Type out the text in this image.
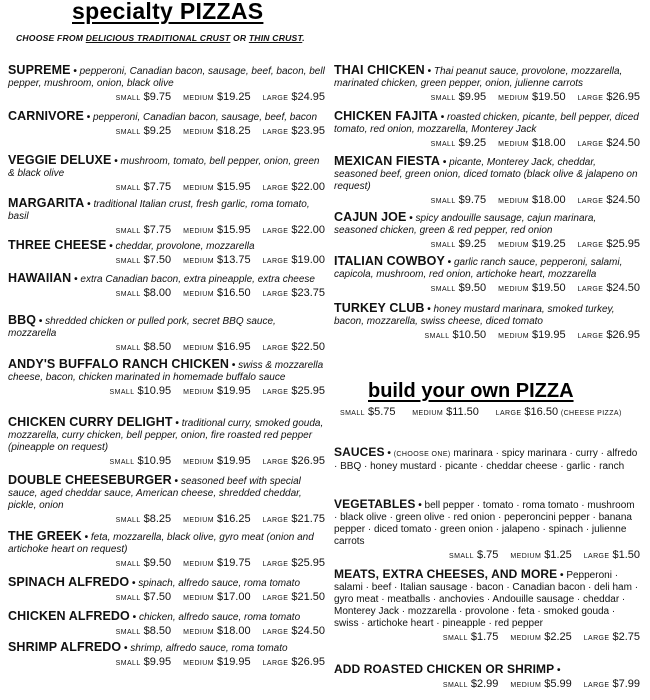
specialty PIZZAS
CHOOSE FROM DELICIOUS TRADITIONAL CRUST OR THIN CRUST.
SUPREME • pepperoni, Canadian bacon, sausage, beef, bacon, bell pepper, mushroom, onion, black olive
SMALL $9.75 MEDIUM $19.25 LARGE $24.95
CARNIVORE • pepperoni, Canadian bacon, sausage, beef, bacon
SMALL $9.25 MEDIUM $18.25 LARGE $23.95
VEGGIE DELUXE • mushroom, tomato, bell pepper, onion, green & black olive
SMALL $7.75 MEDIUM $15.95 LARGE $22.00
MARGARITA • traditional Italian crust, fresh garlic, roma tomato, basil
SMALL $7.75 MEDIUM $15.95 LARGE $22.00
THREE CHEESE • cheddar, provolone, mozzarella
SMALL $7.50 MEDIUM $13.75 LARGE $19.00
HAWAIIAN • extra Canadian bacon, extra pineapple, extra cheese
SMALL $8.00 MEDIUM $16.50 LARGE $23.75
BBQ • shredded chicken or pulled pork, secret BBQ sauce, mozzarella
SMALL $8.50 MEDIUM $16.95 LARGE $22.50
ANDY'S BUFFALO RANCH CHICKEN • swiss & mozzarella cheese, bacon, chicken marinated in homemade buffalo sauce
SMALL $10.95 MEDIUM $19.95 LARGE $25.95
CHICKEN CURRY DELIGHT • traditional curry, smoked gouda, mozzarella, curry chicken, bell pepper, onion, fire roasted red pepper (pineapple on request)
SMALL $10.95 MEDIUM $19.95 LARGE $26.95
DOUBLE CHEESEBURGER • seasoned beef with special sauce, aged cheddar sauce, American cheese, shredded cheddar, pickle, onion
SMALL $8.25 MEDIUM $16.25 LARGE $21.75
THE GREEK • feta, mozzarella, black olive, gyro meat (onion and artichoke heart on request)
SMALL $9.50 MEDIUM $19.75 LARGE $25.95
SPINACH ALFREDO • spinach, alfredo sauce, roma tomato
SMALL $7.50 MEDIUM $17.00 LARGE $21.50
CHICKEN ALFREDO • chicken, alfredo sauce, roma tomato
SMALL $8.50 MEDIUM $18.00 LARGE $24.50
SHRIMP ALFREDO • shrimp, alfredo sauce, roma tomato
SMALL $9.95 MEDIUM $19.95 LARGE $26.95
THAI CHICKEN • Thai peanut sauce, provolone, mozzarella, marinated chicken, green pepper, onion, julienne carrots
SMALL $9.95 MEDIUM $19.50 LARGE $26.95
CHICKEN FAJITA • roasted chicken, picante, bell pepper, diced tomato, red onion, mozzarella, Monterey Jack
SMALL $9.25 MEDIUM $18.00 LARGE $24.50
MEXICAN FIESTA • picante, Monterey Jack, cheddar, seasoned beef, green onion, diced tomato (black olive & jalapeno on request)
SMALL $9.75 MEDIUM $18.00 LARGE $24.50
CAJUN JOE • spicy andouille sausage, cajun marinara, seasoned chicken, green & red pepper, red onion
SMALL $9.25 MEDIUM $19.25 LARGE $25.95
ITALIAN COWBOY • garlic ranch sauce, pepperoni, salami, capicola, mushroom, red onion, artichoke heart, mozzarella
SMALL $9.50 MEDIUM $19.50 LARGE $24.50
TURKEY CLUB • honey mustard marinara, smoked turkey, bacon, mozzarella, swiss cheese, diced tomato
SMALL $10.50 MEDIUM $19.95 LARGE $26.95
build your own PIZZA
SMALL $5.75 MEDIUM $11.50 LARGE $16.50 (CHEESE PIZZA)
SAUCES • (CHOOSE ONE) marinara · spicy marinara · curry · alfredo · BBQ · honey mustard · picante · cheddar cheese · garlic · ranch
VEGETABLES • bell pepper · tomato · roma tomato · mushroom · black olive · green olive · red onion · peperoncini pepper · banana pepper · diced tomato · green onion · jalapeno · spinach · julienne carrots
SMALL $.75 MEDIUM $1.25 LARGE $1.50
MEATS, EXTRA CHEESES, AND MORE • Pepperoni · salami · beef · Italian sausage · bacon · Canadian bacon · deli ham · gyro meat · meatballs · anchovies · Andouille sausage · cheddar · Monterey Jack · mozzarella · provolone · feta · smoked gouda · swiss · artichoke heart · pineapple · red pepper
SMALL $1.75 MEDIUM $2.25 LARGE $2.75
ADD ROASTED CHICKEN OR SHRIMP •
SMALL $2.99 MEDIUM $5.99 LARGE $7.99
